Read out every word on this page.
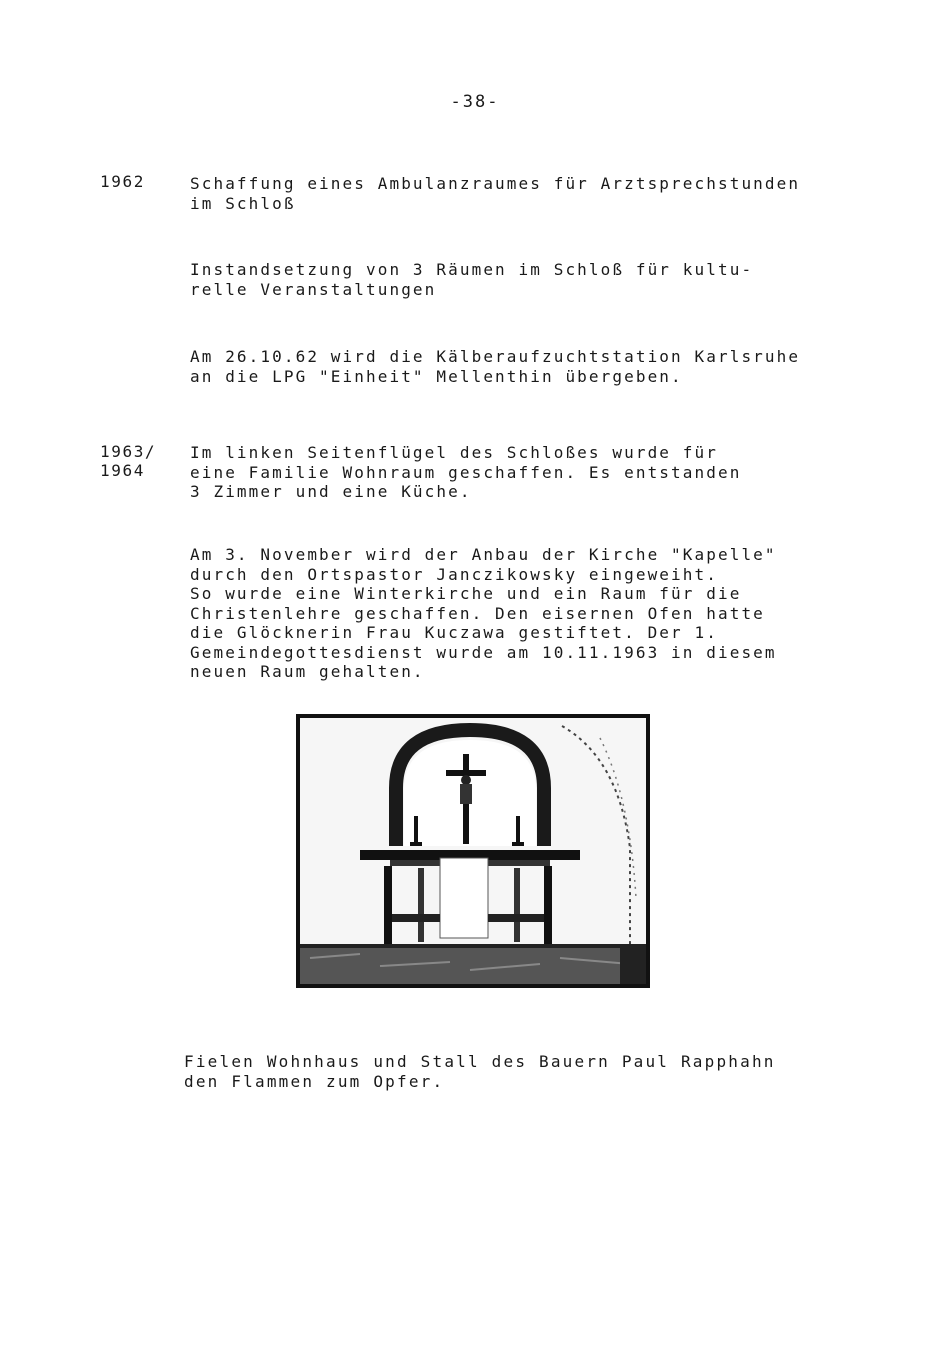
-38-
1962	Schaffung eines Ambulanzraumes für Arztsprechstunden
im Schloß
Instandsetzung von 3 Räumen im Schloß für kultu-
relle Veranstaltungen
Am 26.10.62 wird die Kälberaufzuchtstation Karlsruhe
an die LPG "Einheit" Mellenthin übergeben.
1963/
1964
Im linken Seitenflügel des Schloßes wurde für
eine Familie Wohnraum geschaffen. Es entstanden
3 Zimmer und eine Küche.
Am 3. November wird der Anbau der Kirche "Kapelle"
durch den Ortspastor Janczikowsky eingeweiht.
So wurde eine Winterkirche und ein Raum für die
Christenlehre geschaffen. Den eisernen Ofen hatte
die Glöcknerin Frau Kuczawa gestiftet. Der 1.
Gemeindegottesdienst wurde am 10.11.1963 in diesem
neuen Raum gehalten.
Fielen Wohnhaus und Stall des Bauern Paul Rapphahn
den Flammen zum Opfer.
